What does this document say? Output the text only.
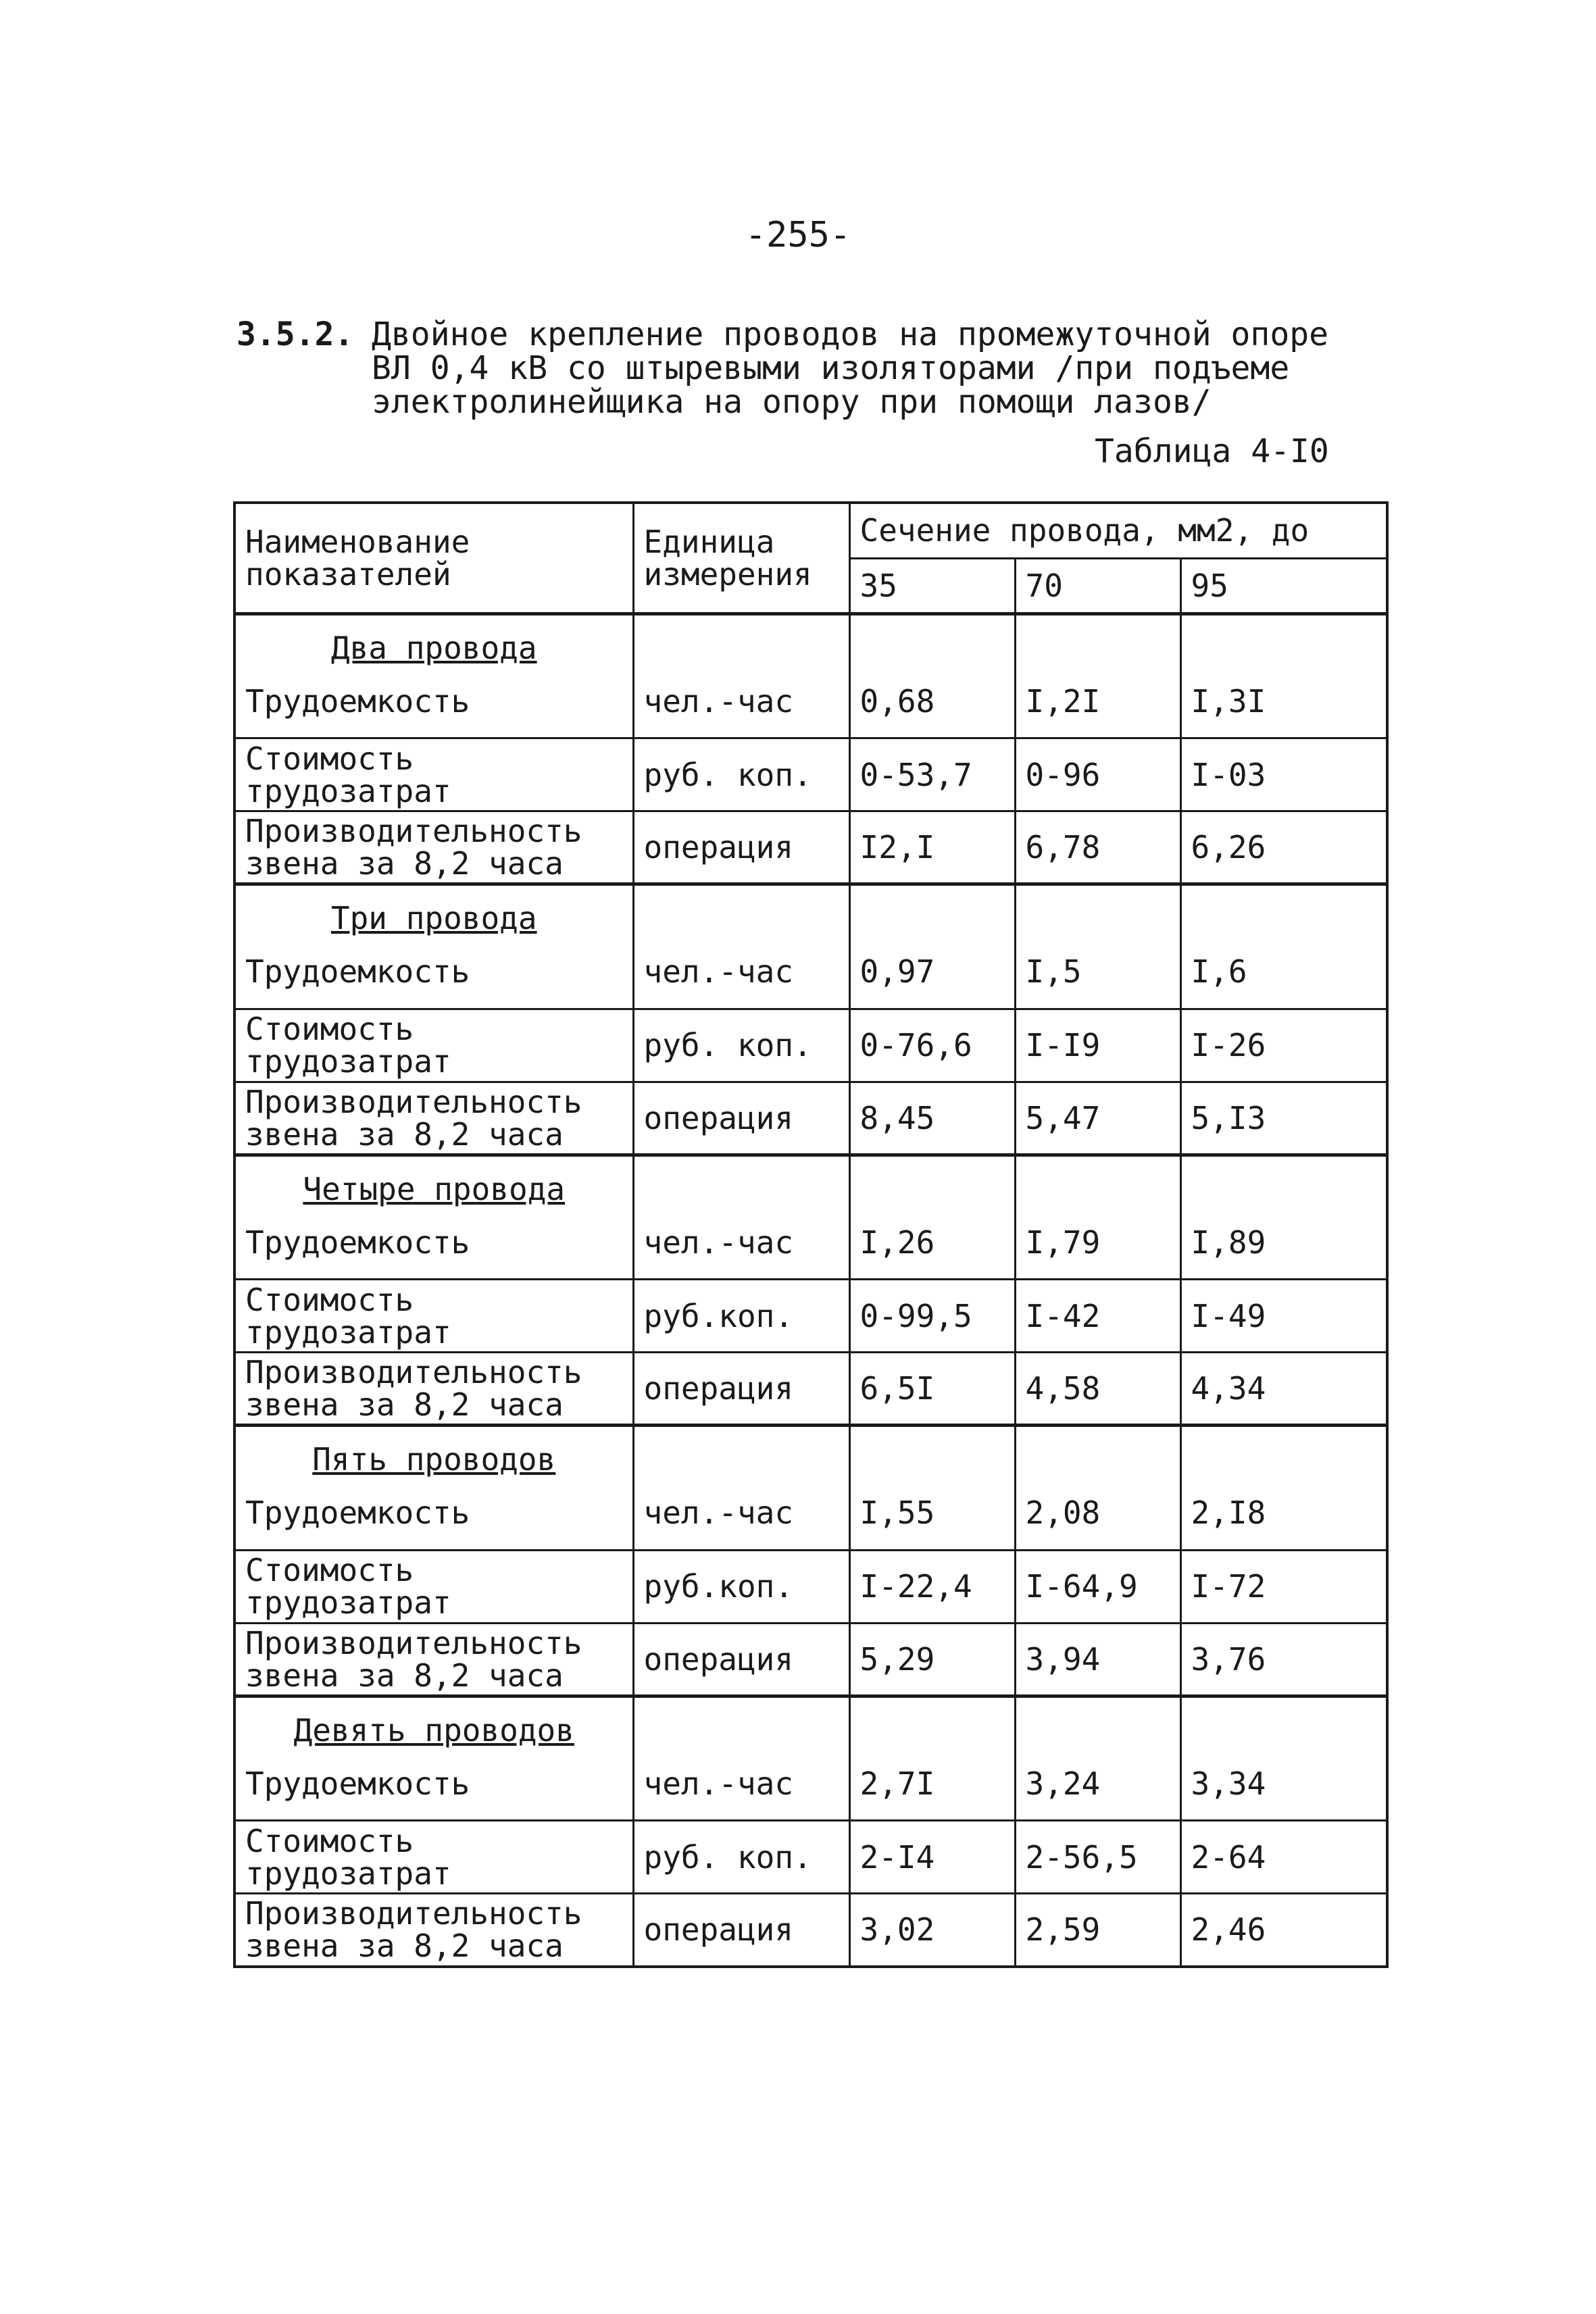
-255-
3.5.2. Двойное крепление проводов на промежуточной опоре
ВЛ 0,4 кВ со штыревыми изоляторами /при подъеме
электролинейщика на опору при помощи лазов/
Таблица 4-I0
Наименование показателей	Единица измерения	Сечение провода, мм2, до		
		35	70	95
Два провода				
Трудоемкость	чел.-час	0,68	I,2I	I,3I
Стоимость трудозатрат	руб. коп.	0-53,7	0-96	I-03
Производительность звена за 8,2 часа	операция	I2,I	6,78	6,26
Три провода				
Трудоемкость	чел.-час	0,97	I,5	I,6
Стоимость трудозатрат	руб. коп.	0-76,6	I-I9	I-26
Производительность звена за 8,2 часа	операция	8,45	5,47	5,I3
Четыре провода				
Трудоемкость	чел.-час	I,26	I,79	I,89
Стоимость трудозатрат	руб.коп.	0-99,5	I-42	I-49
Производительность звена за 8,2 часа	операция	6,5I	4,58	4,34
Пять проводов				
Трудоемкость	чел.-час	I,55	2,08	2,I8
Стоимость трудозатрат	руб.коп.	I-22,4	I-64,9	I-72
Производительность звена за 8,2 часа	операция	5,29	3,94	3,76
Девять проводов				
Трудоемкость	чел.-час	2,7I	3,24	3,34
Стоимость трудозатрат	руб. коп.	2-I4	2-56,5	2-64
Производительность звена за 8,2 часа	операция	3,02	2,59	2,46
